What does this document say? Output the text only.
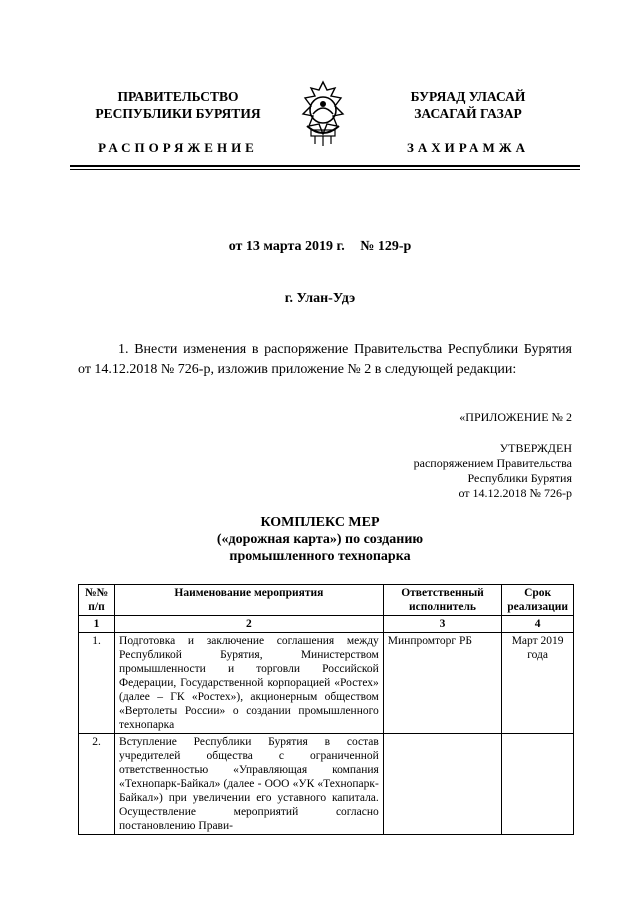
ПРАВИТЕЛЬСТВО
РЕСПУБЛИКИ БУРЯТИЯ
БУРЯАД УЛАСАЙ
ЗАСАГАЙ ГАЗАР
РАСПОРЯЖЕНИЕ	ЗАХИРАМЖА
от 13 марта 2019 г. № 129-р
г. Улан-Удэ
1. Внести изменения в распоряжение Правительства Республики Бурятия от 14.12.2018 № 726-р, изложив приложение № 2 в следующей редакции:
«ПРИЛОЖЕНИЕ № 2
УТВЕРЖДЕН
распоряжением Правительства
Республики Бурятия
от 14.12.2018 № 726-р
КОМПЛЕКС МЕР
(«дорожная карта») по созданию
промышленного технопарка
№№ п/п	Наименование мероприятия	Ответственный исполнитель	Срок реализации
1	2	3	4
1.	Подготовка и заключение соглашения между Республикой Бурятия, Министерством промышленности и торговли Российской Федерации, Государственной корпорацией «Ростех» (далее – ГК «Ростех»), акционерным обществом «Вертолеты России» о создании промышленного технопарка	Минпромторг РБ	Март 2019 года
2.	Вступление Республики Бурятия в состав учредителей общества с ограниченной ответственностью «Управляющая компания «Технопарк-Байкал» (далее - ООО «УК «Технопарк-Байкал») при увеличении его уставного капитала. Осуществление мероприятий согласно постановлению Прави-		
